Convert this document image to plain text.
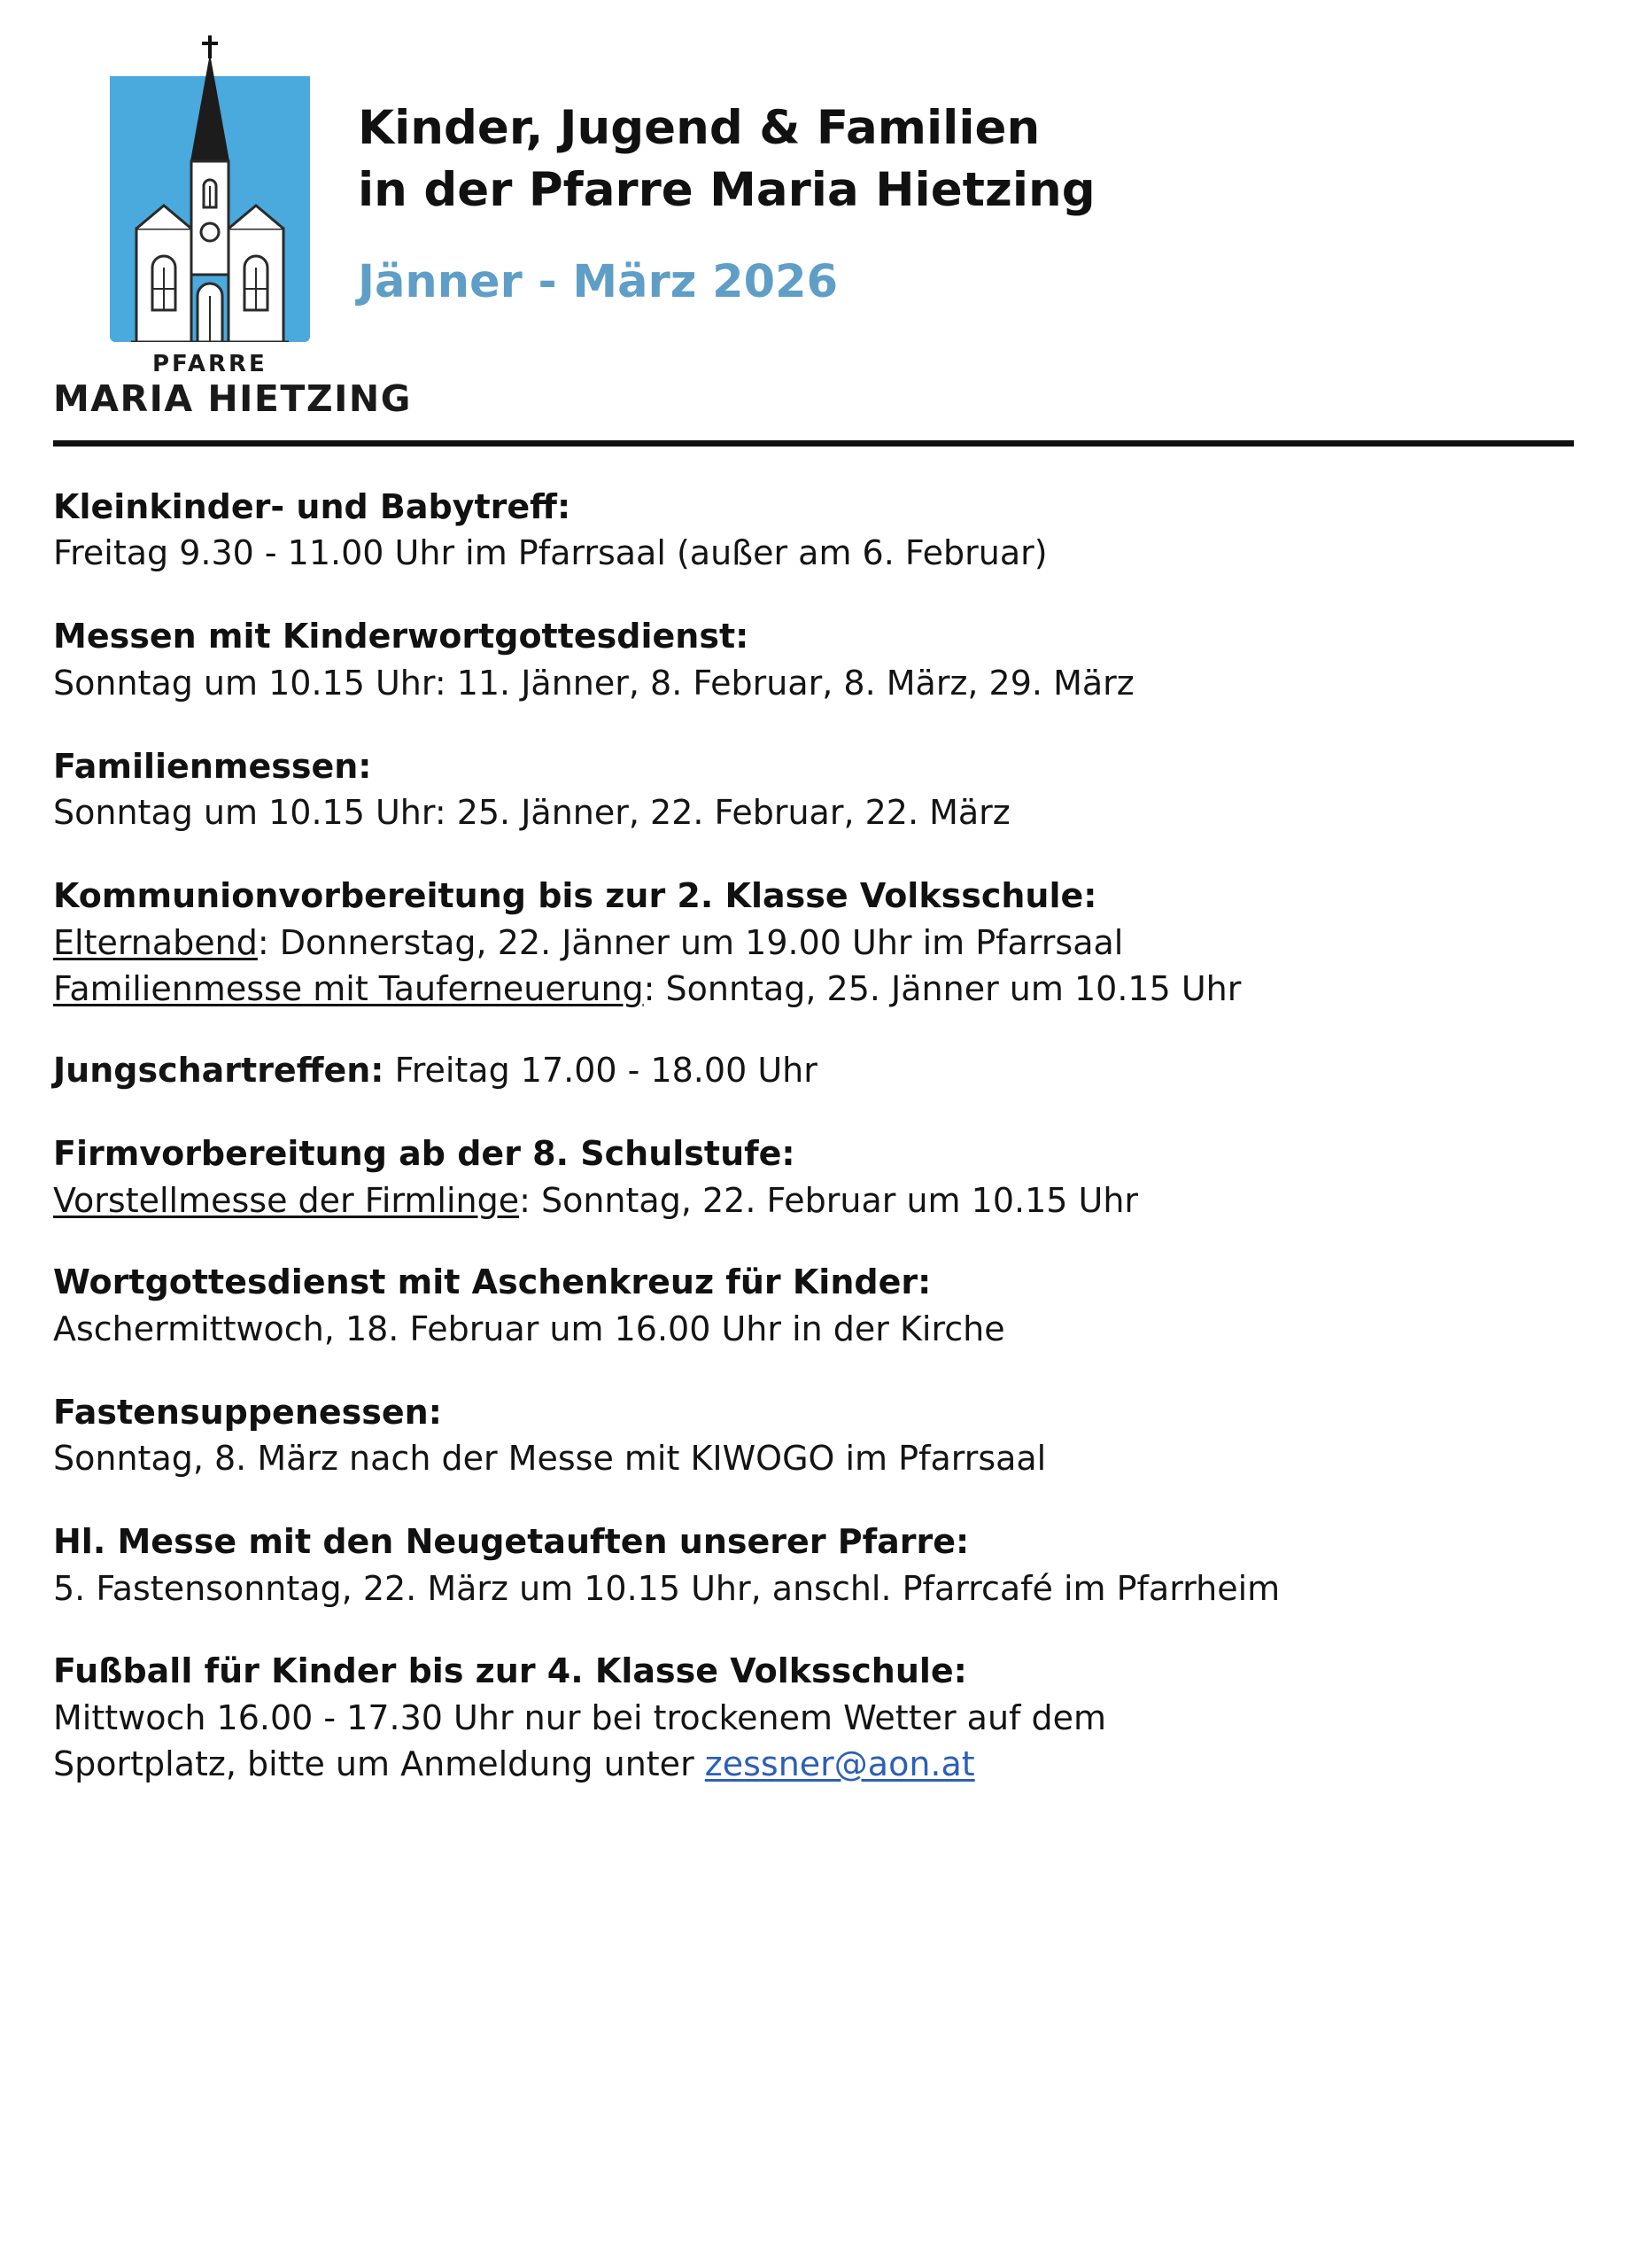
PFARRE
MARIA HIETZING
Kinder, Jugend & Familien
in der Pfarre Maria Hietzing
Jänner - März 2026
Kleinkinder- und Babytreff:
Freitag 9.30 - 11.00 Uhr im Pfarrsaal (außer am 6. Februar)
Messen mit Kinderwortgottesdienst:
Sonntag um 10.15 Uhr: 11. Jänner, 8. Februar, 8. März, 29. März
Familienmessen:
Sonntag um 10.15 Uhr: 25. Jänner, 22. Februar, 22. März
Kommunionvorbereitung bis zur 2. Klasse Volksschule:
Elternabend: Donnerstag, 22. Jänner um 19.00 Uhr im Pfarrsaal
Familienmesse mit Tauferneuerung: Sonntag, 25. Jänner um 10.15 Uhr
Jungschartreffen: Freitag 17.00 - 18.00 Uhr
Firmvorbereitung ab der 8. Schulstufe:
Vorstellmesse der Firmlinge: Sonntag, 22. Februar um 10.15 Uhr
Wortgottesdienst mit Aschenkreuz für Kinder:
Aschermittwoch, 18. Februar um 16.00 Uhr in der Kirche
Fastensuppenessen:
Sonntag, 8. März nach der Messe mit KIWOGO im Pfarrsaal
Hl. Messe mit den Neugetauften unserer Pfarre:
5. Fastensonntag, 22. März um 10.15 Uhr, anschl. Pfarrcafé im Pfarrheim
Fußball für Kinder bis zur 4. Klasse Volksschule:
Mittwoch 16.00 - 17.30 Uhr nur bei trockenem Wetter auf dem
Sportplatz, bitte um Anmeldung unter zessner@aon.at
